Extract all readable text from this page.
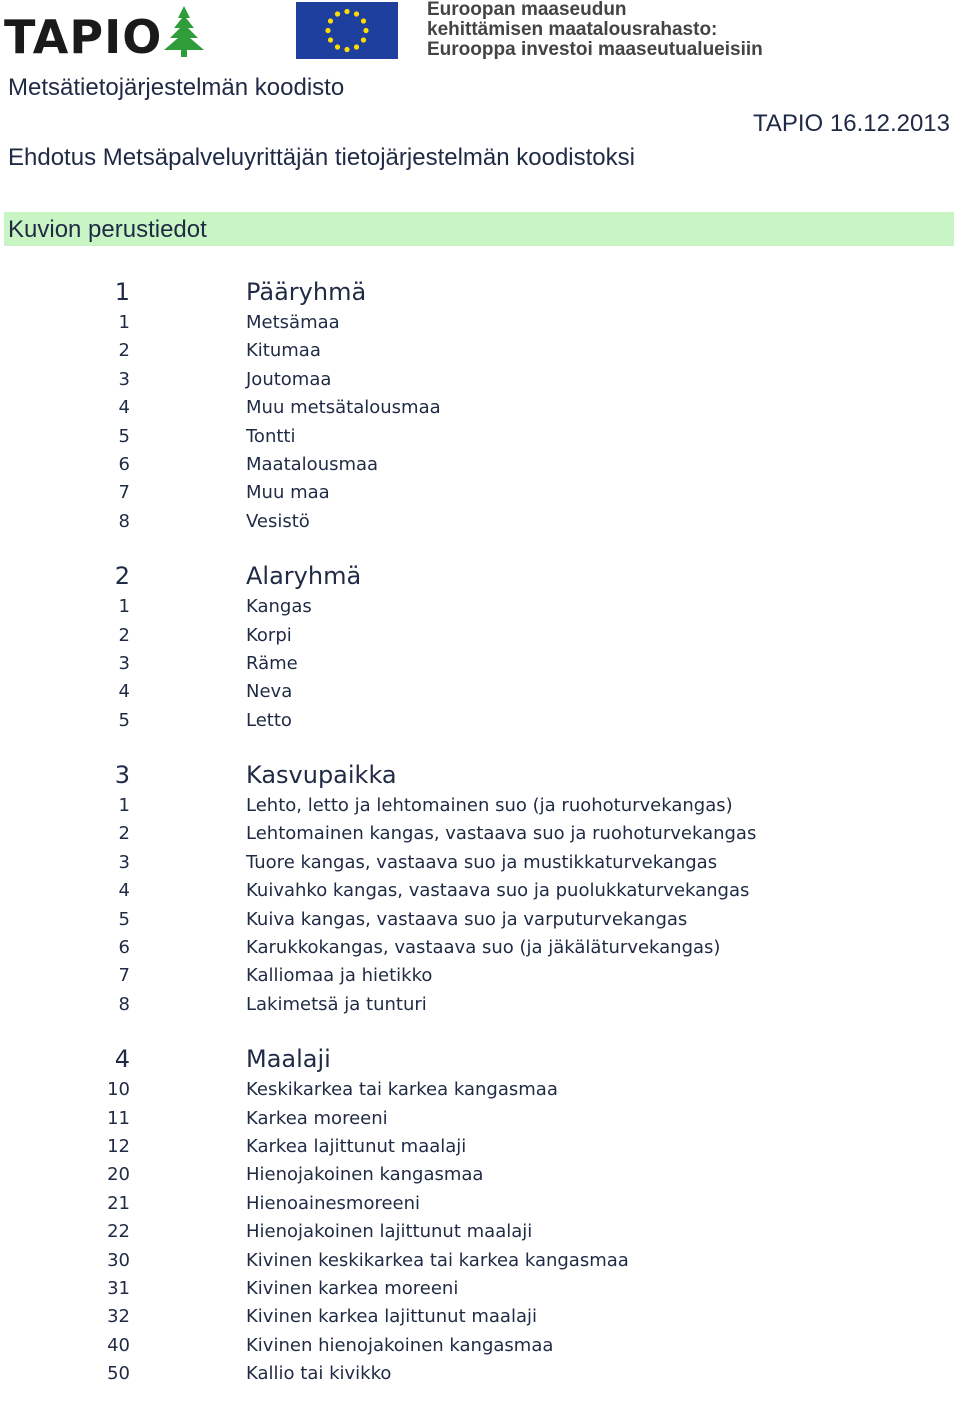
TAPIO
Euroopan maaseudun
kehittämisen maatalousrahasto:
Eurooppa investoi maaseutualueisiin
Metsätietojärjestelmän koodisto
TAPIO 16.12.2013
Ehdotus Metsäpalveluyrittäjän tietojärjestelmän koodistoksi
Kuvion perustiedot
1	Pääryhmä
1	Metsämaa
2	Kitumaa
3	Joutomaa
4	Muu metsätalousmaa
5	Tontti
6	Maatalousmaa
7	Muu maa
8	Vesistö
2	Alaryhmä
1	Kangas
2	Korpi
3	Räme
4	Neva
5	Letto
3	Kasvupaikka
1	Lehto, letto ja lehtomainen suo (ja ruohoturvekangas)
2	Lehtomainen kangas, vastaava suo ja ruohoturvekangas
3	Tuore kangas, vastaava suo ja mustikkaturvekangas
4	Kuivahko kangas, vastaava suo ja puolukkaturvekangas
5	Kuiva kangas, vastaava suo ja varputurvekangas
6	Karukkokangas, vastaava suo (ja jäkäläturvekangas)
7	Kalliomaa ja hietikko
8	Lakimetsä ja tunturi
4	Maalaji
10	Keskikarkea tai karkea kangasmaa
11	Karkea moreeni
12	Karkea lajittunut maalaji
20	Hienojakoinen kangasmaa
21	Hienoainesmoreeni
22	Hienojakoinen lajittunut maalaji
30	Kivinen keskikarkea tai karkea kangasmaa
31	Kivinen karkea moreeni
32	Kivinen karkea lajittunut maalaji
40	Kivinen hienojakoinen kangasmaa
50	Kallio tai kivikko
